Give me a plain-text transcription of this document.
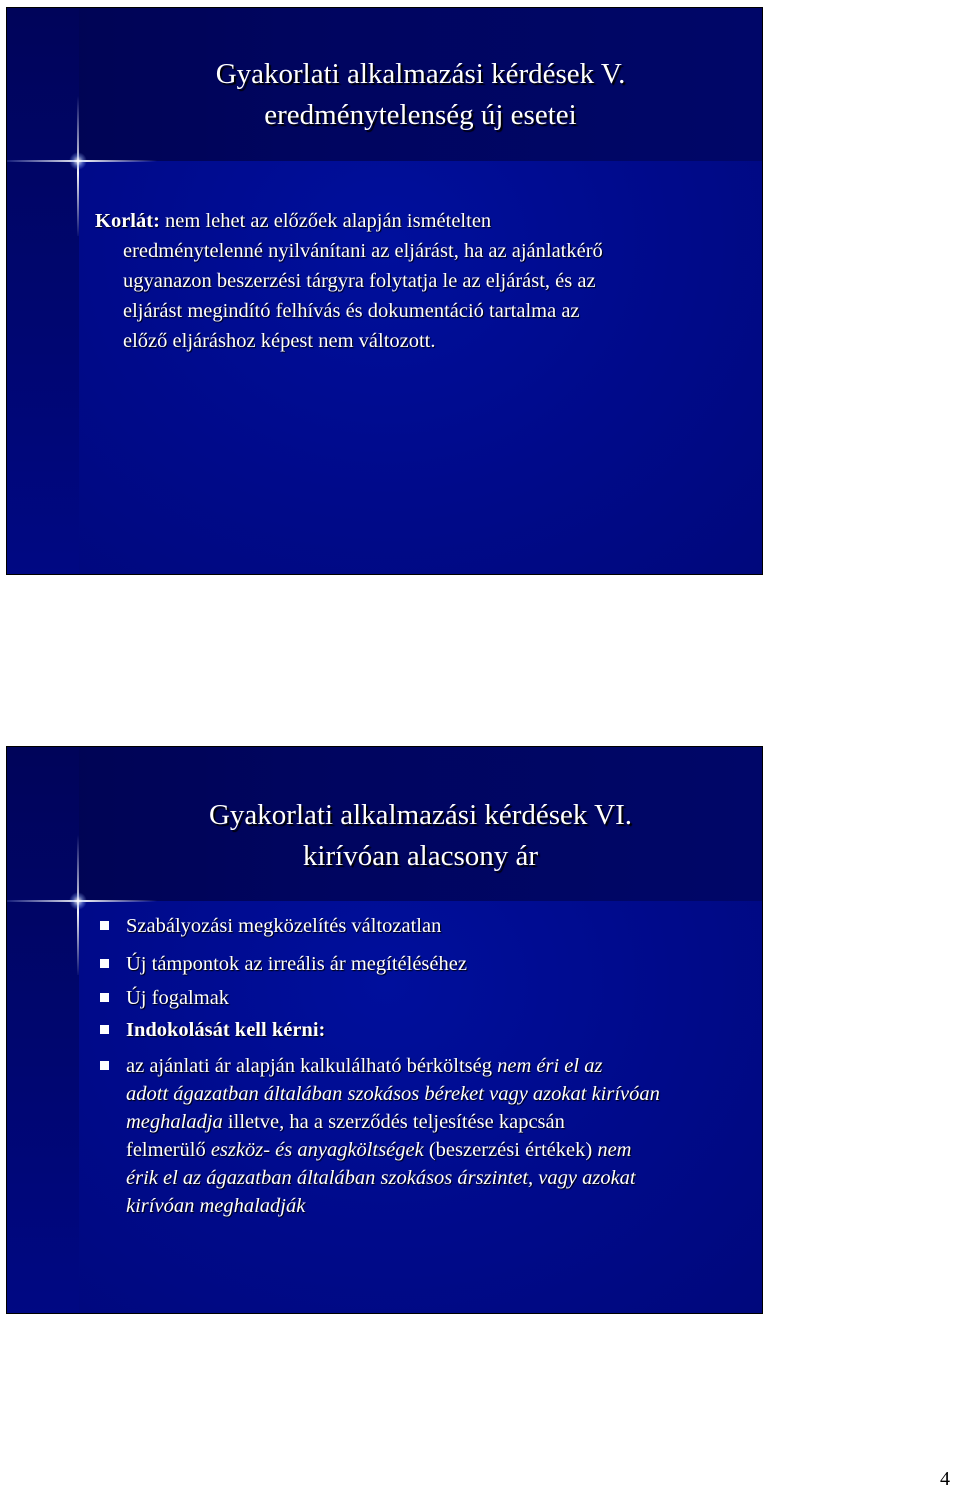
Gyakorlati alkalmazási kérdések V.
eredménytelenség új esetei
Korlát: nem lehet az előzőek alapján ismételten
eredménytelenné nyilvánítani az eljárást, ha az ajánlatkérő
ugyanazon beszerzési tárgyra folytatja le az eljárást, és az
eljárást megindító felhívás és dokumentáció tartalma az
előző eljáráshoz képest nem változott.
Gyakorlati alkalmazási kérdések VI.
kirívóan alacsony ár
Szabályozási megközelítés változatlan
Új támpontok az irreális ár megítéléséhez
Új fogalmak
Indokolását kell kérni:
az ajánlati ár alapján kalkulálható bérköltség nem éri el az
adott ágazatban általában szokásos béreket vagy azokat kirívóan
meghaladja illetve, ha a szerződés teljesítése kapcsán
felmerülő eszköz- és anyagköltségek (beszerzési értékek) nem
érik el az ágazatban általában szokásos árszintet, vagy azokat
kirívóan meghaladják
4
